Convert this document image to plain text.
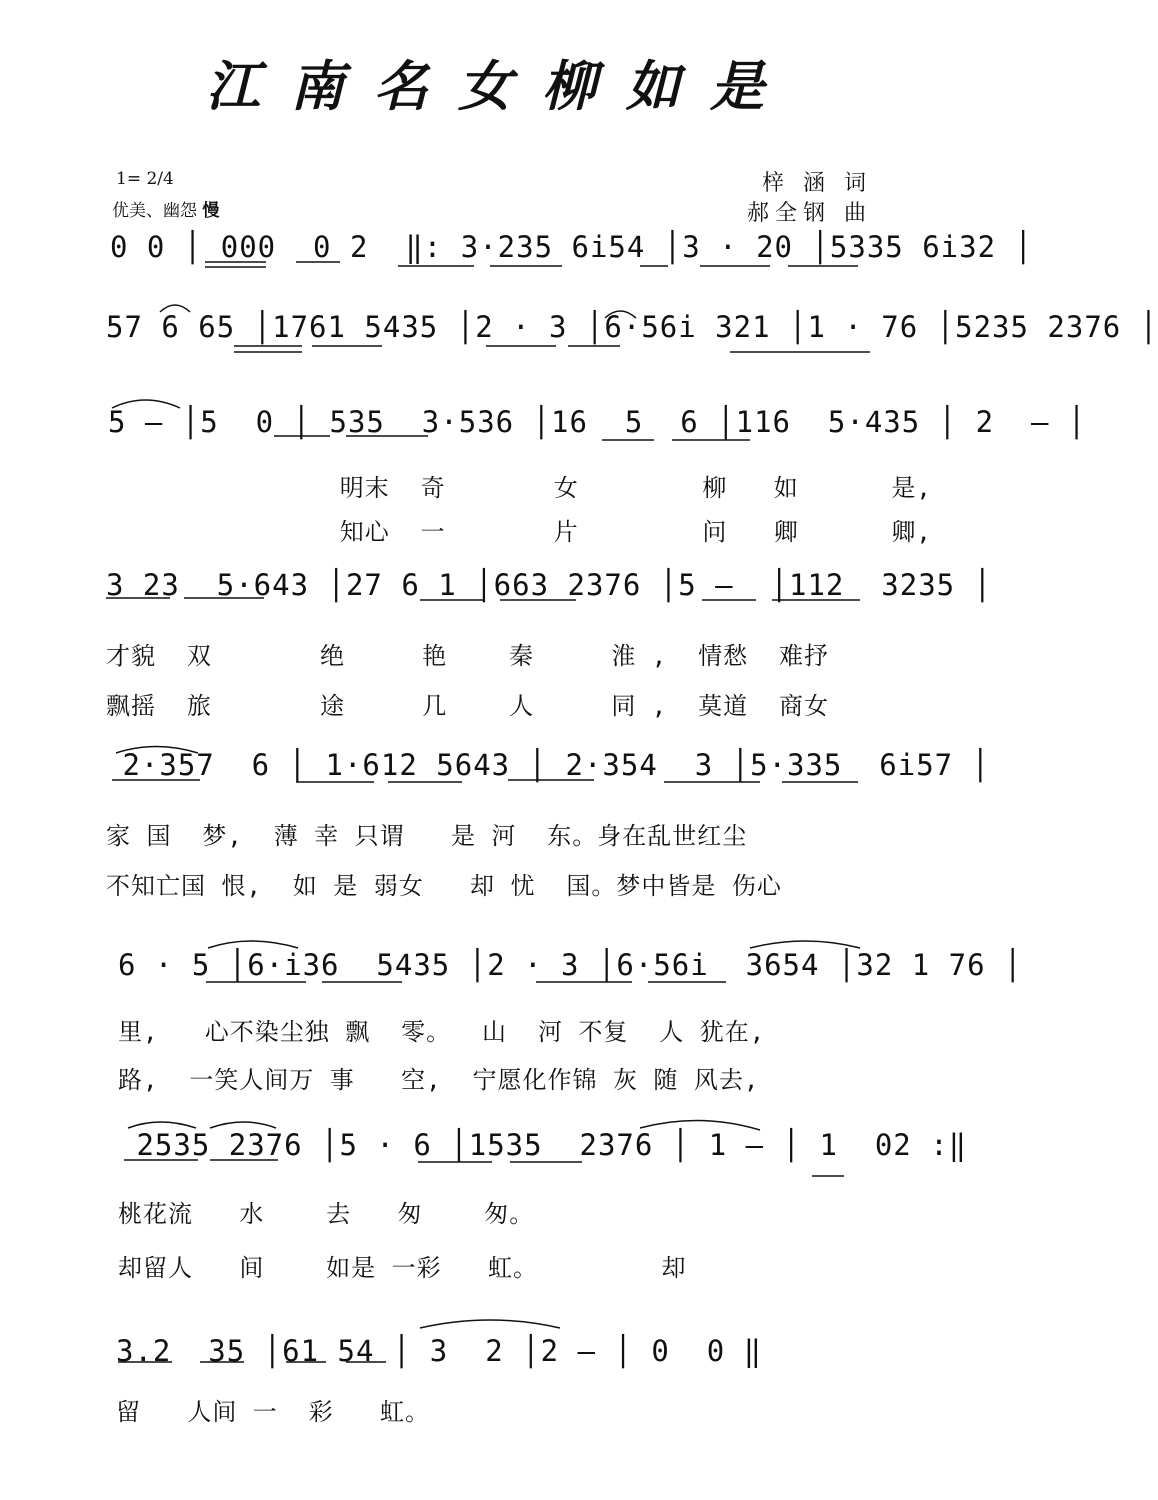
江南名女柳如是
1= 2/4
优美、幽怨 慢
梓 涵 词
郝全钢 曲
0 0 │ 000  0 2  ‖: 3·235 6i54 │3 · 20 │5335 6i32 │
57 6 65 │1761 5435 │2 · 3 │6·56i 321 │1 · 76 │5235 2376 │
5 — │5  0 │ 535  3·536 │16  5  6 │116  5·435 │ 2  — │
明末  奇       女        柳   如      是,
知心  一       片        问   卿      卿,
3 23  5·643 │27 6 1 │663 2376 │5 —  │112  3235 │
才貌  双       绝     艳    秦     淮 ,  情愁  难抒
飘摇  旅       途     几    人     同 ,  莫道  商女
2·357  6 │ 1·612 5643 │ 2·354  3 │5·335  6i57 │
家 国  梦,  薄 幸 只谓   是 河  东。身在乱世红尘
不知亡国 恨,  如 是 弱女   却 忧  国。梦中皆是 伤心
6 · 5 │6·i36  5435 │2 · 3 │6·56i  3654 │32 1 76 │
里,   心不染尘独 飘  零。  山  河 不复  人 犹在,
路,  一笑人间万 事   空,  宁愿化作锦 灰 随 风去,
2535 2376 │5 · 6 │1535  2376 │ 1 — │ 1  02 :‖
桃花流   水    去   匆    匆。
却留人   间    如是 一彩   虹。        却
3.2  35 │61 54 │ 3  2 │2 — │ 0  0 ‖
留   人间 一  彩   虹。
